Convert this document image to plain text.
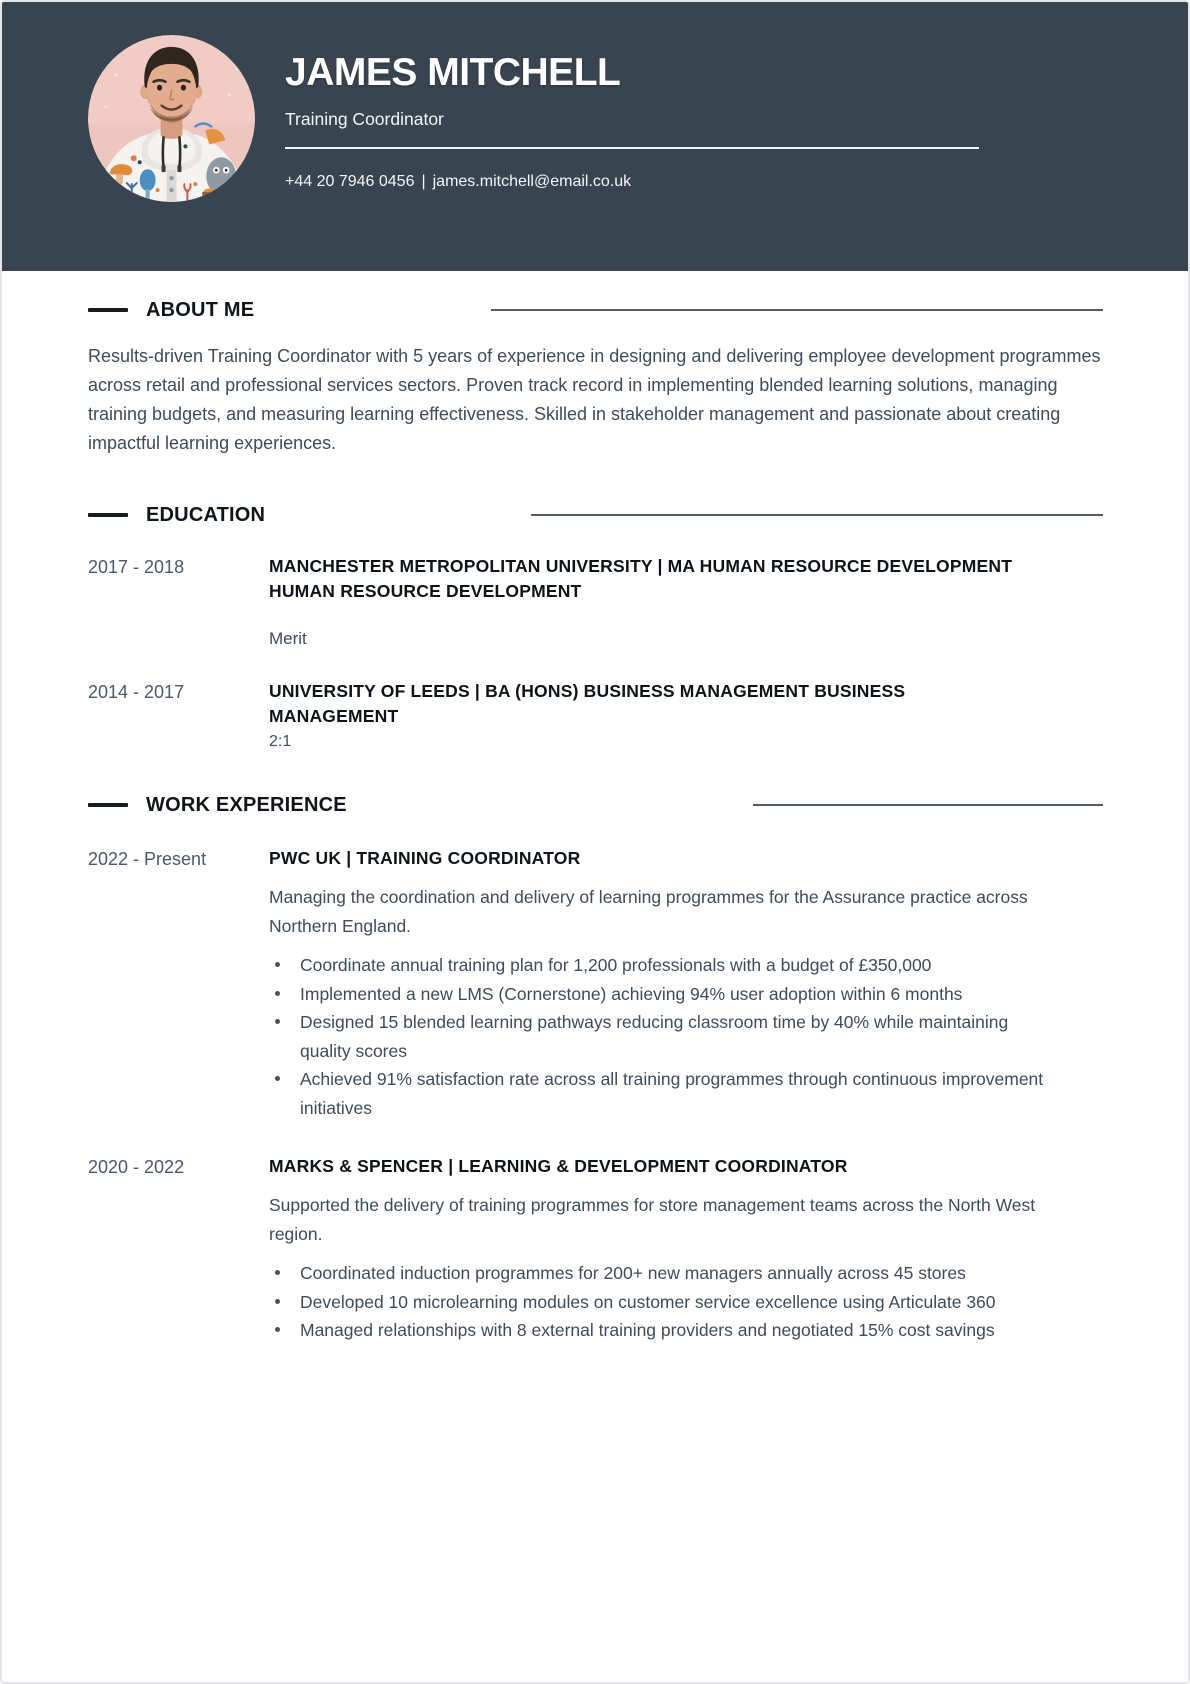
JAMES MITCHELL
Training Coordinator
+44 20 7946 0456 | james.mitchell@email.co.uk
ABOUT ME

Results-driven Training Coordinator with 5 years of experience in designing and delivering employee development programmes across retail and professional services sectors. Proven track record in implementing blended learning solutions, managing training budgets, and measuring learning effectiveness. Skilled in stakeholder management and passionate about creating impactful learning experiences.

EDUCATION
2017 - 2018	MANCHESTER METROPOLITAN UNIVERSITY | MA HUMAN RESOURCE DEVELOPMENT HUMAN RESOURCE DEVELOPMENT
Merit
2014 - 2017	UNIVERSITY OF LEEDS | BA (HONS) BUSINESS MANAGEMENT BUSINESS MANAGEMENT
2:1
WORK EXPERIENCE
2022 - Present	PWC UK | TRAINING COORDINATOR

Managing the coordination and delivery of learning programmes for the Assurance practice across Northern England.

Coordinate annual training plan for 1,200 professionals with a budget of £350,000
Implemented a new LMS (Cornerstone) achieving 94% user adoption within 6 months
Designed 15 blended learning pathways reducing classroom time by 40% while maintaining quality scores
Achieved 91% satisfaction rate across all training programmes through continuous improvement initiatives
2020 - 2022	MARKS & SPENCER | LEARNING & DEVELOPMENT COORDINATOR

Supported the delivery of training programmes for store management teams across the North West region.

Coordinated induction programmes for 200+ new managers annually across 45 stores
Developed 10 microlearning modules on customer service excellence using Articulate 360
Managed relationships with 8 external training providers and negotiated 15% cost savings
